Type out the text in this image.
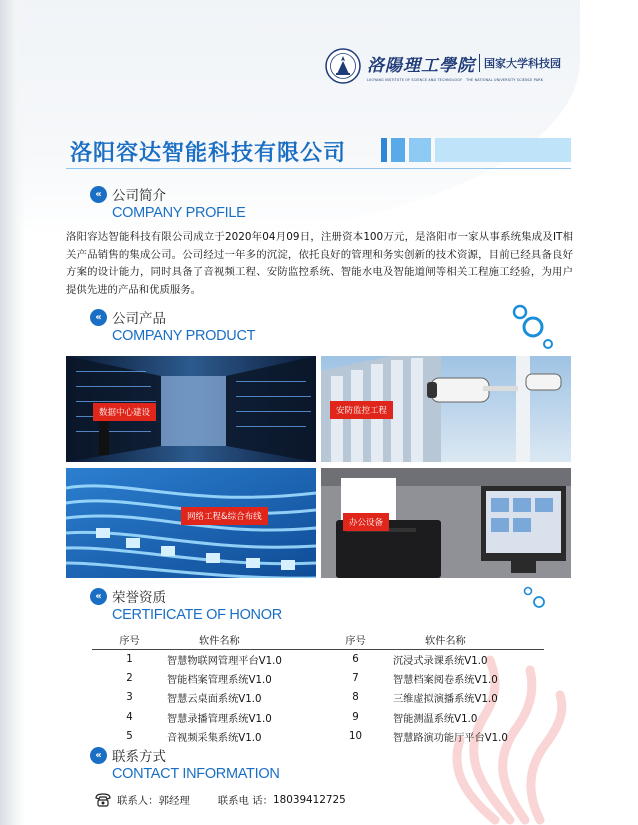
洛陽理工學院 国家大学科技园
LUOYANG INSTITUTE OF SCIENCE AND TECHNOLOGY THE NATIONAL UNIVERSITY SCIENCE PARK
洛阳容达智能科技有限公司
« 公司简介
COMPANY PROFILE

洛阳容达智能科技有限公司成立于2020年04月09日，注册资本100万元，是洛阳市一家从事系统集成及IT相关产品销售的集成公司。公司经过一年多的沉淀，依托良好的管理和务实创新的技术资源，目前已经具备良好方案的设计能力，同时具备了音视频工程、安防监控系统、智能水电及智能道闸等相关工程施工经验，为用户提供先进的产品和优质服务。

« 公司产品
COMPANY PRODUCT
数据中心建设	安防监控工程
网络工程&综合布线
办公设备
« 荣誉资质
CERTIFICATE OF HONOR
序号	软件名称	序号	软件名称
1	智慧物联网管理平台V1.0	6	沉浸式录课系统V1.0
2	智能档案管理系统V1.0	7	智慧档案阅卷系统V1.0
3	智慧云桌面系统V1.0	8	三维虚拟演播系统V1.0
4	智慧录播管理系统V1.0	9	智能测温系统V1.0
5	音视频采集系统V1.0	10	智慧路演功能厅平台V1.0
« 联系方式
CONTACT INFORMATION
联系人： 郭经理	联系电 话： 18039412725
